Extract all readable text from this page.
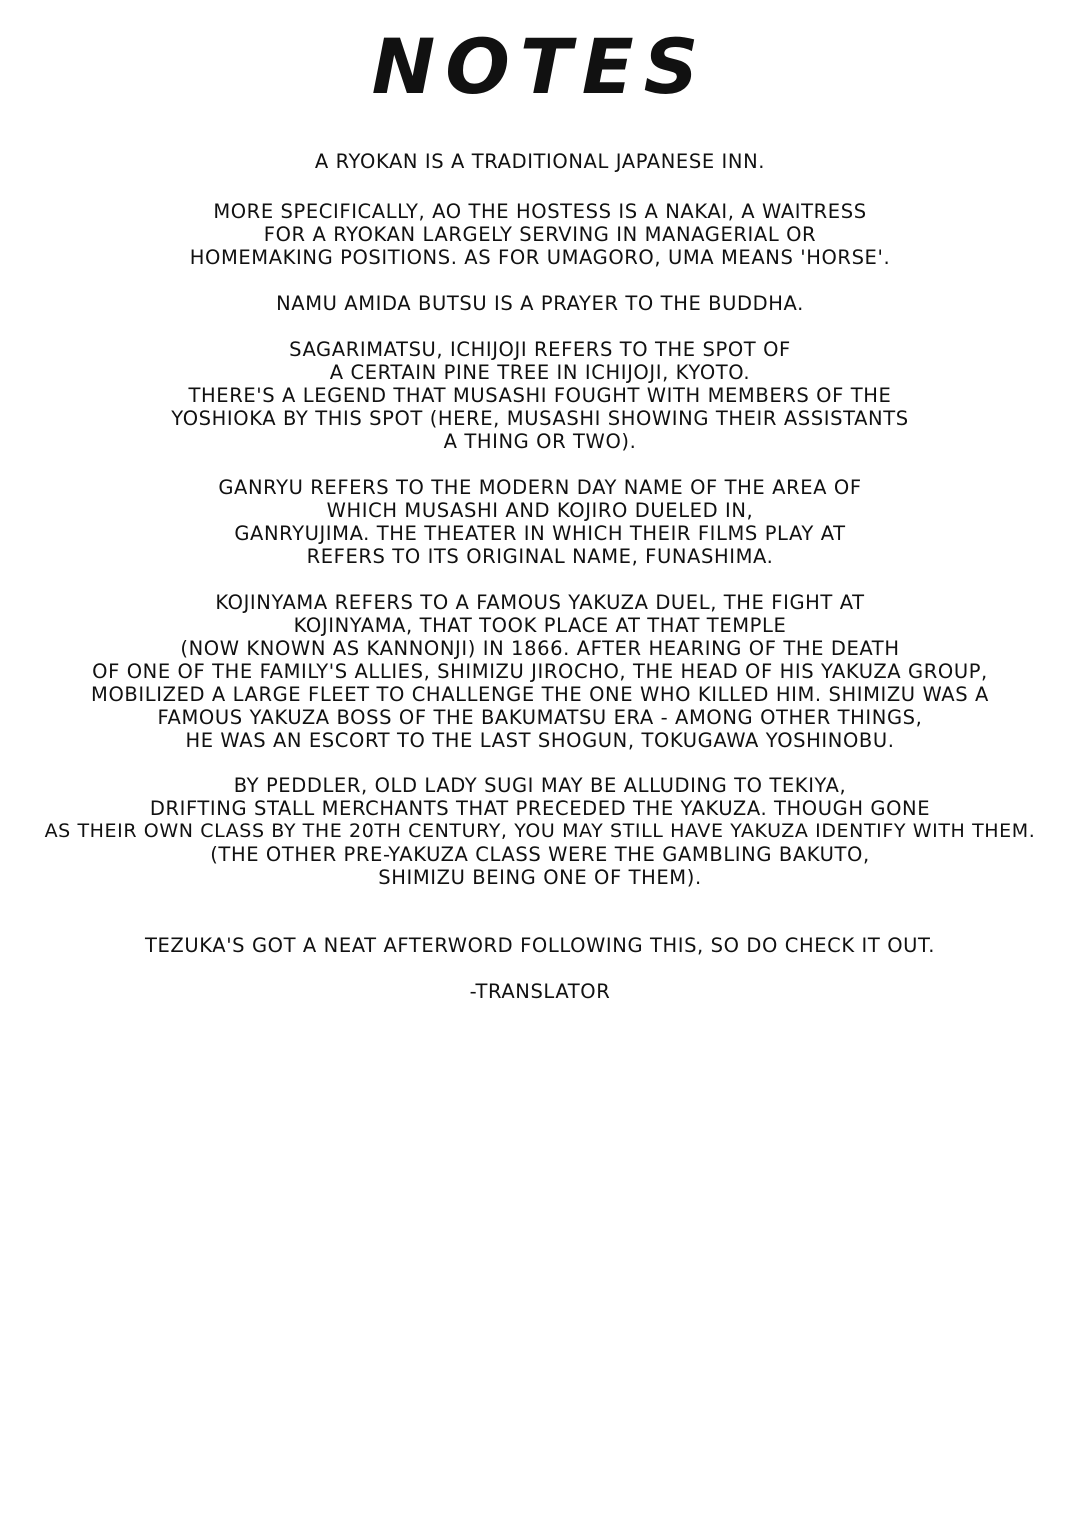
NOTES
A RYOKAN IS A TRADITIONAL JAPANESE INN.
MORE SPECIFICALLY, AO THE HOSTESS IS A NAKAI, A WAITRESS
FOR A RYOKAN LARGELY SERVING IN MANAGERIAL OR
HOMEMAKING POSITIONS. AS FOR UMAGORO, UMA MEANS 'HORSE'.
NAMU AMIDA BUTSU IS A PRAYER TO THE BUDDHA.
SAGARIMATSU, ICHIJOJI REFERS TO THE SPOT OF
A CERTAIN PINE TREE IN ICHIJOJI, KYOTO.
THERE'S A LEGEND THAT MUSASHI FOUGHT WITH MEMBERS OF THE
YOSHIOKA BY THIS SPOT (HERE, MUSASHI SHOWING THEIR ASSISTANTS
A THING OR TWO).
GANRYU REFERS TO THE MODERN DAY NAME OF THE AREA OF
WHICH MUSASHI AND KOJIRO DUELED IN,
GANRYUJIMA. THE THEATER IN WHICH THEIR FILMS PLAY AT
REFERS TO ITS ORIGINAL NAME, FUNASHIMA.
KOJINYAMA REFERS TO A FAMOUS YAKUZA DUEL, THE FIGHT AT
KOJINYAMA, THAT TOOK PLACE AT THAT TEMPLE
(NOW KNOWN AS KANNONJI) IN 1866. AFTER HEARING OF THE DEATH
OF ONE OF THE FAMILY'S ALLIES, SHIMIZU JIROCHO, THE HEAD OF HIS YAKUZA GROUP,
MOBILIZED A LARGE FLEET TO CHALLENGE THE ONE WHO KILLED HIM. SHIMIZU WAS A
FAMOUS YAKUZA BOSS OF THE BAKUMATSU ERA - AMONG OTHER THINGS,
HE WAS AN ESCORT TO THE LAST SHOGUN, TOKUGAWA YOSHINOBU.
BY PEDDLER, OLD LADY SUGI MAY BE ALLUDING TO TEKIYA,
DRIFTING STALL MERCHANTS THAT PRECEDED THE YAKUZA. THOUGH GONE
AS THEIR OWN CLASS BY THE 20TH CENTURY, YOU MAY STILL HAVE YAKUZA IDENTIFY WITH THEM.
(THE OTHER PRE-YAKUZA CLASS WERE THE GAMBLING BAKUTO,
SHIMIZU BEING ONE OF THEM).
TEZUKA'S GOT A NEAT AFTERWORD FOLLOWING THIS, SO DO CHECK IT OUT.
-TRANSLATOR
